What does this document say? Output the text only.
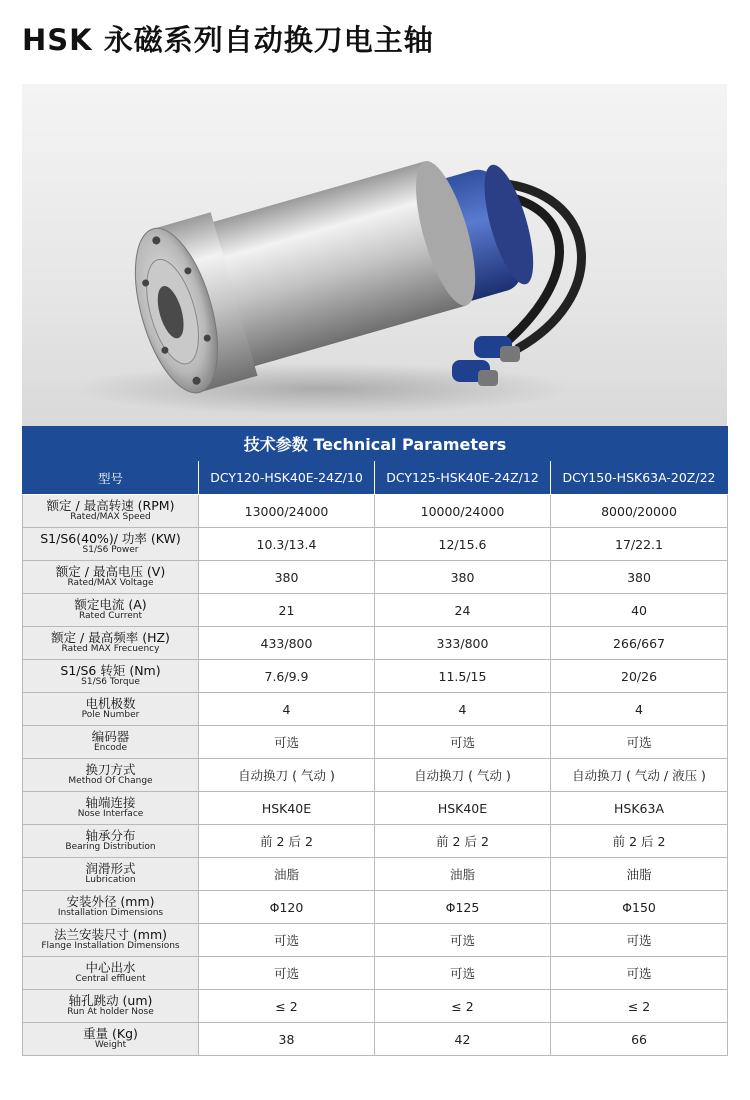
HSK 永磁系列自动换刀电主轴
技术参数 Technical Parameters			
型号	DCY120-HSK40E-24Z/10	DCY125-HSK40E-24Z/12	DCY150-HSK63A-20Z/22

额定 / 最高转速 (RPM)
Rated/MAX Speed	13000/24000	10000/24000	8000/20000

S1/S6(40%)/ 功率 (KW)
S1/S6 Power	10.3/13.4	12/15.6	17/22.1

额定 / 最高电压 (V)
Rated/MAX Voltage	380	380	380

额定电流 (A)
Rated Current	21	24	40

额定 / 最高频率 (HZ)
Rated MAX Frecuency	433/800	333/800	266/667

S1/S6 转矩 (Nm)
S1/S6 Torque	7.6/9.9	11.5/15	20/26

电机极数
Pole Number	4	4	4

编码器
Encode	可选	可选	可选

换刀方式
Method Of Change	自动换刀 ( 气动 )	自动换刀 ( 气动 )	自动换刀 ( 气动 / 液压 )

轴端连接
Nose Interface	HSK40E	HSK40E	HSK63A

轴承分布
Bearing Distribution	前 2 后 2	前 2 后 2	前 2 后 2

润滑形式
Lubrication	油脂	油脂	油脂

安装外径 (mm)
Installation Dimensions	Φ120	Φ125	Φ150

法兰安装尺寸 (mm)
Flange Installation Dimensions	可选	可选	可选

中心出水
Central effluent	可选	可选	可选

轴孔跳动 (um)
Run At holder Nose	≤ 2	≤ 2	≤ 2

重量 (Kg)
Weight	38	42	66
